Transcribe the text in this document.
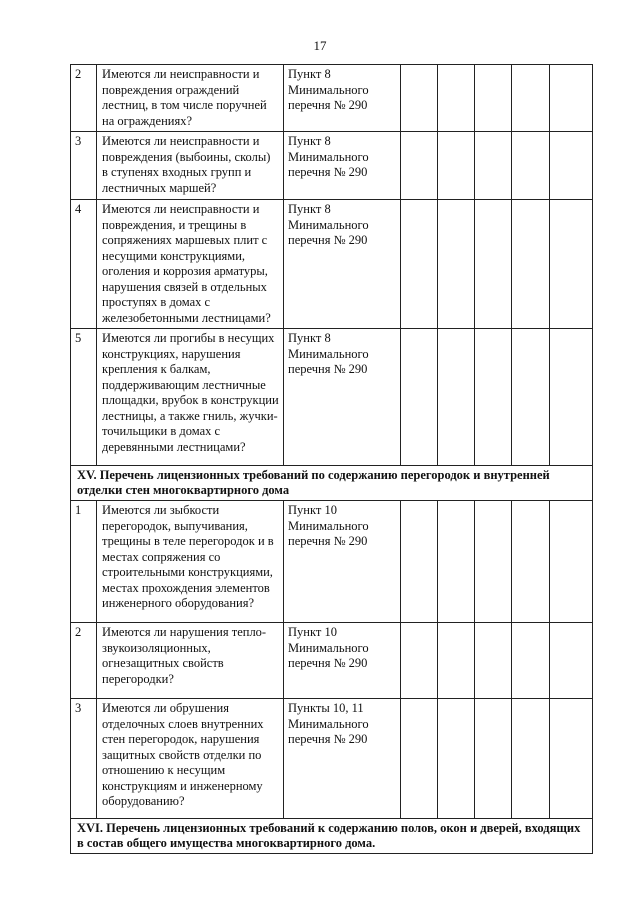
17
2	Имеются ли неисправности и повреждения ограждений лестниц, в том числе поручней на ограждениях?	Пункт 8 Минимального перечня № 290					
3	Имеются ли неисправности и повреждения (выбоины, сколы) в ступенях входных групп и лестничных маршей?	Пункт 8 Минимального перечня № 290					
4	Имеются ли неисправности и повреждения, и трещины в сопряжениях маршевых плит с несущими конструкциями, оголения и коррозия арматуры, нарушения связей в отдельных проступях в домах с железобетонными лестницами?	Пункт 8 Минимального перечня № 290					
5	Имеются ли прогибы в несущих конструкциях, нарушения крепления к балкам, поддерживающим лестничные площадки, врубок в конструкции лестницы, а также гниль, жучки-точильщики в домах с деревянными лестницами?	Пункт 8 Минимального перечня № 290					
XV. Перечень лицензионных требований по содержанию перегородок и внутренней отделки стен многоквартирного дома							
1	Имеются ли зыбкости перегородок, выпучивания, трещины в теле перегородок и в местах сопряжения со строительными конструкциями, местах прохождения элементов инженерного оборудования?	Пункт 10 Минимального перечня № 290					
2	Имеются ли нарушения тепло-звукоизоляционных, огнезащитных свойств перегородки?	Пункт 10 Минимального перечня № 290					
3	Имеются ли обрушения отделочных слоев внутренних стен перегородок, нарушения защитных свойств отделки по отношению к несущим конструкциям и инженерному оборудованию?	Пункты 10, 11 Минимального перечня № 290					
XVI. Перечень лицензионных требований к содержанию полов, окон и дверей, входящих в состав общего имущества многоквартирного дома.							
